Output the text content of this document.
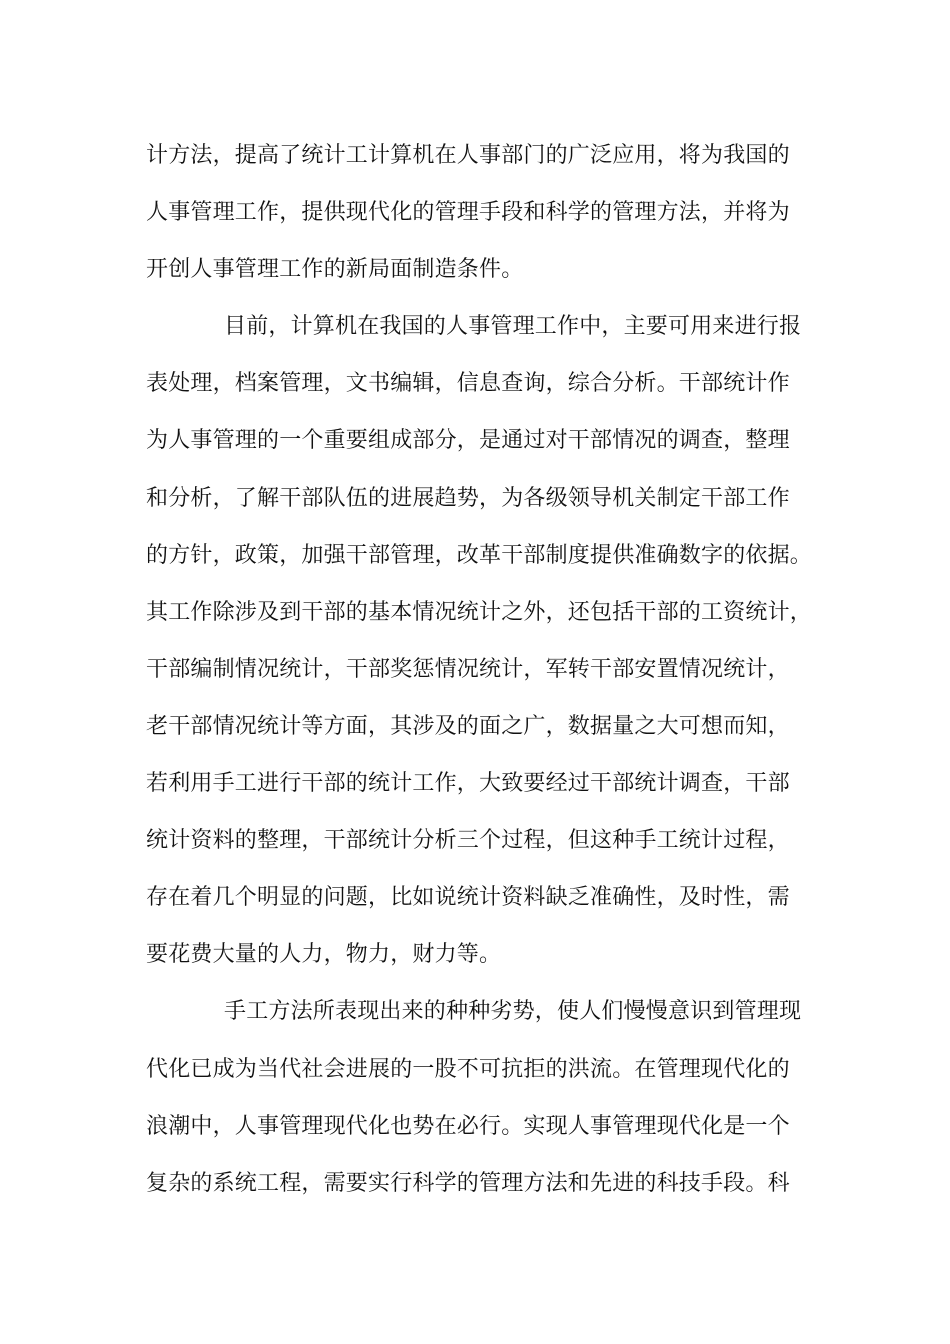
计方法，提高了统计工计算机在人事部门的广泛应用，将为我国的
人事管理工作，提供现代化的管理手段和科学的管理方法，并将为
开创人事管理工作的新局面制造条件。
目前，计算机在我国的人事管理工作中，主要可用来进行报
表处理，档案管理，文书编辑，信息查询，综合分析。干部统计作
为人事管理的一个重要组成部分，是通过对干部情况的调查，整理
和分析，了解干部队伍的进展趋势，为各级领导机关制定干部工作
的方针，政策，加强干部管理，改革干部制度提供准确数字的依据。
其工作除涉及到干部的基本情况统计之外，还包括干部的工资统计，
干部编制情况统计，干部奖惩情况统计，军转干部安置情况统计，
老干部情况统计等方面，其涉及的面之广，数据量之大可想而知，
若利用手工进行干部的统计工作，大致要经过干部统计调查，干部
统计资料的整理，干部统计分析三个过程，但这种手工统计过程，
存在着几个明显的问题，比如说统计资料缺乏准确性，及时性，需
要花费大量的人力，物力，财力等。
手工方法所表现出来的种种劣势，使人们慢慢意识到管理现
代化已成为当代社会进展的一股不可抗拒的洪流。在管理现代化的
浪潮中，人事管理现代化也势在必行。实现人事管理现代化是一个
复杂的系统工程，需要实行科学的管理方法和先进的科技手段。科
